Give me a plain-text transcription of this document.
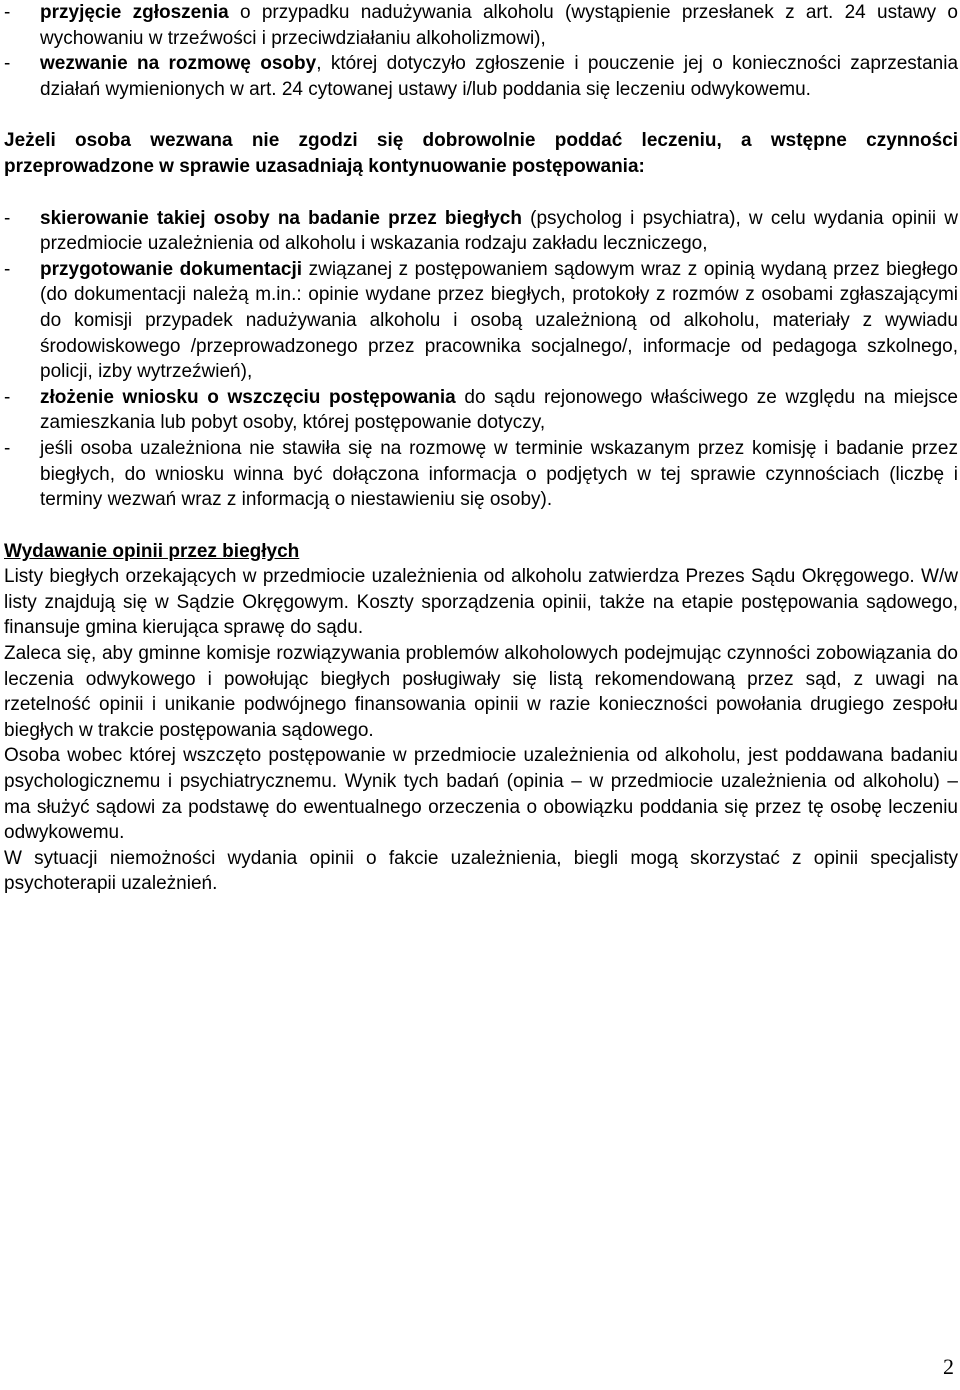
- przyjęcie zgłoszenia o przypadku nadużywania alkoholu (wystąpienie przesłanek z art. 24 ustawy o wychowaniu w trzeźwości i przeciwdziałaniu alkoholizmowi),
- wezwanie na rozmowę osoby, której dotyczyło zgłoszenie i pouczenie jej o konieczności zaprzestania działań wymienionych w art. 24 cytowanej ustawy i/lub poddania się leczeniu odwykowemu.

Jeżeli osoba wezwana nie zgodzi się dobrowolnie poddać leczeniu, a wstępne czynności przeprowadzone w sprawie uzasadniają kontynuowanie postępowania:

- skierowanie takiej osoby na badanie przez biegłych (psycholog i psychiatra), w celu wydania opinii w przedmiocie uzależnienia od alkoholu i wskazania rodzaju zakładu leczniczego,
- przygotowanie dokumentacji związanej z postępowaniem sądowym wraz z opinią wydaną przez biegłego (do dokumentacji należą m.in.: opinie wydane przez biegłych, protokoły z rozmów z osobami zgłaszającymi do komisji przypadek nadużywania alkoholu i osobą uzależnioną od alkoholu, materiały z wywiadu środowiskowego /przeprowadzonego przez pracownika socjalnego/, informacje od pedagoga szkolnego, policji, izby wytrzeźwień),
- złożenie wniosku o wszczęciu postępowania do sądu rejonowego właściwego ze względu na miejsce zamieszkania lub pobyt osoby, której postępowanie dotyczy,
- jeśli osoba uzależniona nie stawiła się na rozmowę w terminie wskazanym przez komisję i badanie przez biegłych, do wniosku winna być dołączona informacja o podjętych w tej sprawie czynnościach (liczbę i terminy wezwań wraz z informacją o niestawieniu się osoby).

Wydawanie opinii przez biegłych

Listy biegłych orzekających w przedmiocie uzależnienia od alkoholu zatwierdza Prezes Sądu Okręgowego. W/w listy znajdują się w Sądzie Okręgowym. Koszty sporządzenia opinii, także na etapie postępowania sądowego, finansuje gmina kierująca sprawę do sądu.

Zaleca się, aby gminne komisje rozwiązywania problemów alkoholowych podejmując czynności zobowiązania do leczenia odwykowego i powołując biegłych posługiwały się listą rekomendowaną przez sąd, z uwagi na rzetelność opinii i unikanie podwójnego finansowania opinii w razie konieczności powołania drugiego zespołu biegłych w trakcie postępowania sądowego.

Osoba wobec której wszczęto postępowanie w przedmiocie uzależnienia od alkoholu, jest poddawana badaniu psychologicznemu i psychiatrycznemu. Wynik tych badań (opinia – w przedmiocie uzależnienia od alkoholu) – ma służyć sądowi za podstawę do ewentualnego orzeczenia o obowiązku poddania się przez tę osobę leczeniu odwykowemu.

W sytuacji niemożności wydania opinii o fakcie uzależnienia, biegli mogą skorzystać z opinii specjalisty psychoterapii uzależnień.

2
